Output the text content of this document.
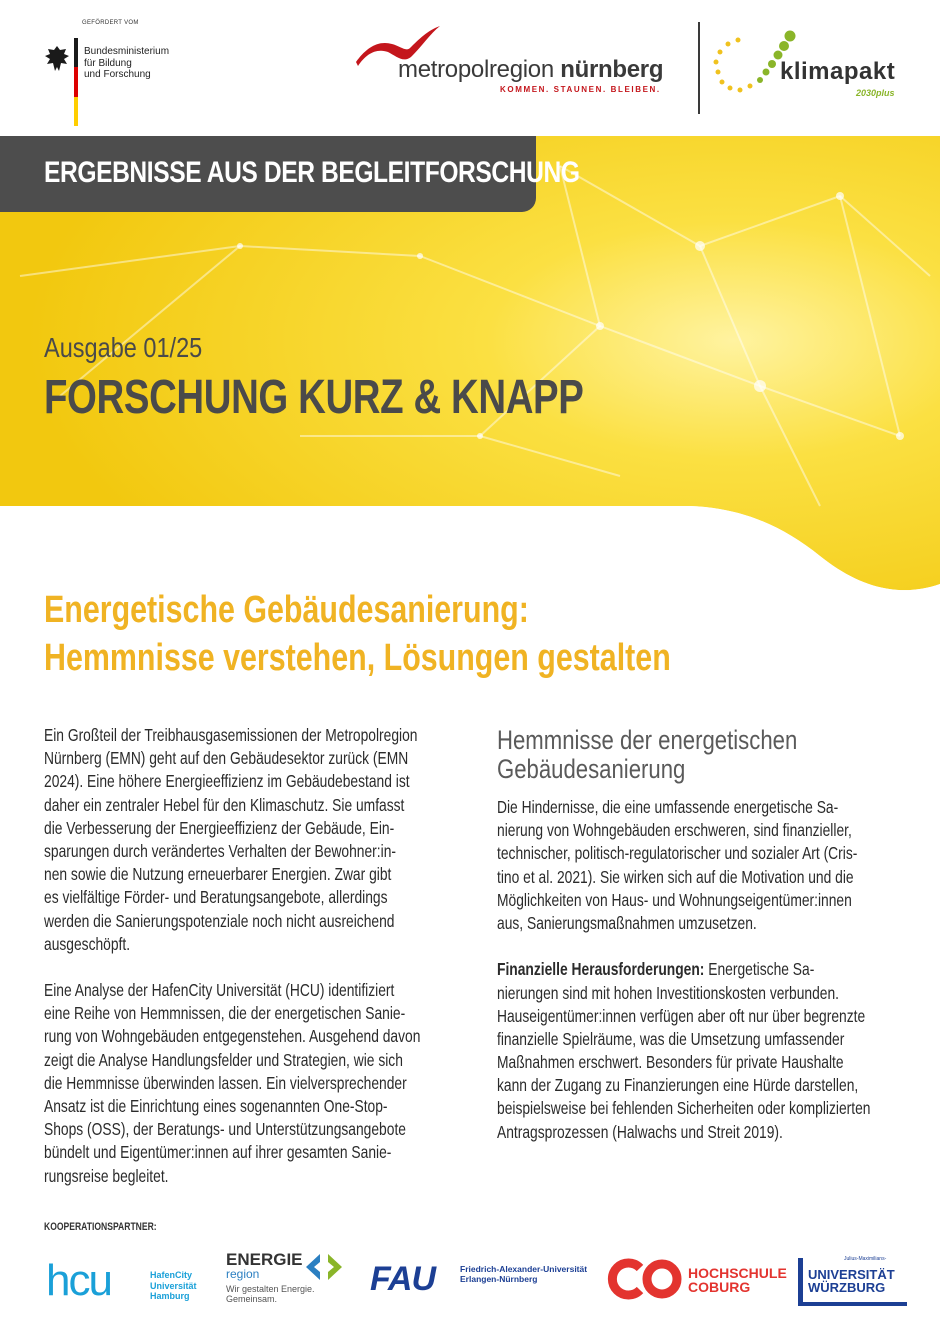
GEFÖRDERT VOM
Bundesministerium
für Bildung
und Forschung	metropolregion nürnberg
KOMMEN. STAUNEN. BLEIBEN.
klimapakt
2030plus
ERGEBNISSE AUS DER BEGLEITFORSCHUNG
Ausgabe 01/25
FORSCHUNG KURZ & KNAPP
Energetische Gebäudesanierung:
Hemmnisse verstehen, Lösungen gestalten
Ein Großteil der Treibhausgasemissionen der Metropolregion
Nürnberg (EMN) geht auf den Gebäudesektor zurück (EMN
2024). Eine höhere Energieeffizienz im Gebäudebestand ist
daher ein zentraler Hebel für den Klimaschutz. Sie umfasst
die Verbesserung der Energieeffizienz der Gebäude, Ein-
sparungen durch verändertes Verhalten der Bewohner:in-
nen sowie die Nutzung erneuerbarer Energien. Zwar gibt
es vielfältige Förder- und Beratungsangebote, allerdings
werden die Sanierungspotenziale noch nicht ausreichend
ausgeschöpft.
Eine Analyse der HafenCity Universität (HCU) identifiziert
eine Reihe von Hemmnissen, die der energetischen Sanie-
rung von Wohngebäuden entgegenstehen. Ausgehend davon
zeigt die Analyse Handlungsfelder und Strategien, wie sich
die Hemmnisse überwinden lassen. Ein vielversprechender
Ansatz ist die Einrichtung eines sogenannten One-Stop-
Shops (OSS), der Beratungs- und Unterstützungsangebote
bündelt und Eigentümer:innen auf ihrer gesamten Sanie-
rungsreise begleitet.
Hemmnisse der energetischen
Gebäudesanierung
Die Hindernisse, die eine umfassende energetische Sa-
nierung von Wohngebäuden erschweren, sind finanzieller,
technischer, politisch-regulatorischer und sozialer Art (Cris-
tino et al. 2021). Sie wirken sich auf die Motivation und die
Möglichkeiten von Haus- und Wohnungseigentümer:innen
aus, Sanierungsmaßnahmen umzusetzen.
Finanzielle Herausforderungen: Energetische Sa-
nierungen sind mit hohen Investitionskosten verbunden.
Hauseigentümer:innen verfügen aber oft nur über begrenzte
finanzielle Spielräume, was die Umsetzung umfassender
Maßnahmen erschwert. Besonders für private Haushalte
kann der Zugang zu Finanzierungen eine Hürde darstellen,
beispielsweise bei fehlenden Sicherheiten oder komplizierten
Antragsprozessen (Halwachs und Streit 2019).
KOOPERATIONSPARTNER:
hcu	HafenCity
Universität
Hamburg
ENERGIE
region
Wir gestalten Energie.
Gemeinsam.
FAU	Friedrich-Alexander-Universität
Erlangen-Nürnberg	HOCHSCHULE
COBURG
Julius-Maximilians-
UNIVERSITÄT
WÜRZBURG
